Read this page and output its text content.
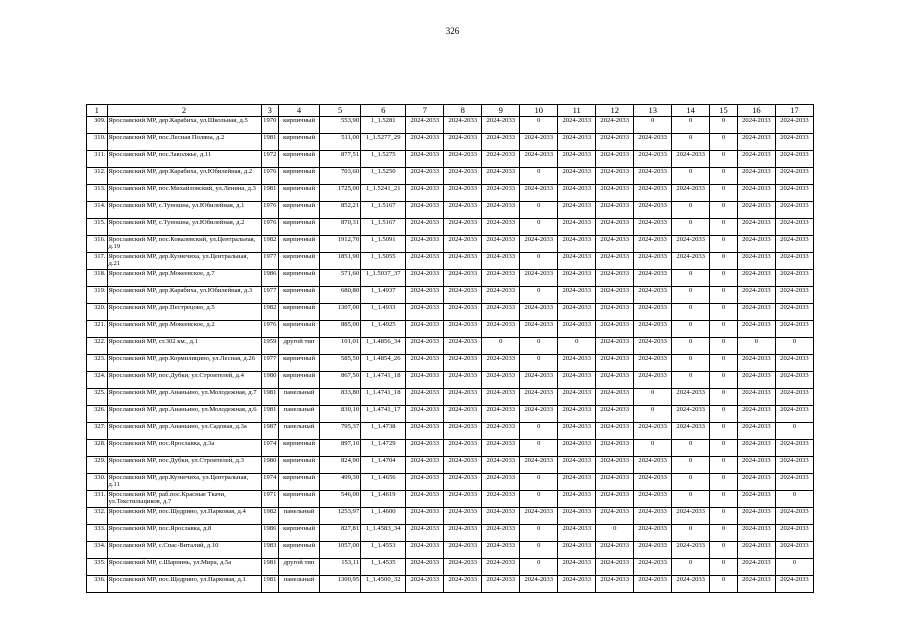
326
1	2	3	4	5	6	7	8	9	10	11	12	13	14	15	16	17
309.	Ярославский МР, дер.Карабиха, ул.Школьная, д.5	1970	кирпичный	553,90	1_1.5281	2024-2033	2024-2033	2024-2033	0	2024-2033	2024-2033	0	0	0	2024-2033	2024-2033
310.	Ярославский МР, пос.Лесная Поляна, д.2	1981	кирпичный	511,00	1_1.5277_29	2024-2033	2024-2033	2024-2033	2024-2033	2024-2033	2024-2033	2024-2033	0	0	2024-2033	2024-2033
311.	Ярославский МР, пос.Заволжье, д.11	1972	кирпичный	877,51	1_1.5275	2024-2033	2024-2033	2024-2033	2024-2033	2024-2033	2024-2033	2024-2033	2024-2033	0	2024-2033	2024-2033
312.	Ярославский МР, дер.Карабиха, ул.Юбилейная, д.2	1976	кирпичный	703,60	1_1.5250	2024-2033	2024-2033	2024-2033	0	2024-2033	2024-2033	2024-2033	0	0	2024-2033	2024-2033
313.	Ярославский МР, пос.Михайловский, ул.Ленина, д.3	1981	кирпичный	1725,00	1_1.5241_21	2024-2033	2024-2033	2024-2033	2024-2033	2024-2033	2024-2033	2024-2033	2024-2033	0	2024-2033	2024-2033
314.	Ярославский МР, с.Туношна, ул.Юбилейная, д.1	1976	кирпичный	852,21	1_1.5167	2024-2033	2024-2033	2024-2033	0	2024-2033	2024-2033	2024-2033	0	0	2024-2033	2024-2033
315.	Ярославский МР, с.Туношна, ул.Юбилейная, д.2	1976	кирпичный	870,31	1_1.5167	2024-2033	2024-2033	2024-2033	0	2024-2033	2024-2033	2024-2033	0	0	2024-2033	2024-2033
316.	Ярославский МР, пос.Ковалевский, ул.Центральная, д.19	1982	кирпичный	1912,70	1_1.5091	2024-2033	2024-2033	2024-2033	2024-2033	2024-2033	2024-2033	2024-2033	2024-2033	0	2024-2033	2024-2033
317.	Ярославский МР, дер.Кузнечиха, ул.Центральная, д.21	1977	кирпичный	1851,90	1_1.5055	2024-2033	2024-2033	2024-2033	0	2024-2033	2024-2033	2024-2033	2024-2033	0	2024-2033	2024-2033
318.	Ярославский МР, дер.Мокеевское, д.7	1986	кирпичный	571,60	1_1.5037_37	2024-2033	2024-2033	2024-2033	2024-2033	2024-2033	2024-2033	2024-2033	0	0	2024-2033	2024-2033
319.	Ярославский МР, дер.Карабиха, ул.Юбилейная, д.3	1977	кирпичный	680,80	1_1.4937	2024-2033	2024-2033	2024-2033	0	2024-2033	2024-2033	2024-2033	0	0	2024-2033	2024-2033
320.	Ярославский МР, дер.Пестрецово, д.5	1982	кирпичный	1307,00	1_1.4933	2024-2033	2024-2033	2024-2033	2024-2033	2024-2033	2024-2033	2024-2033	0	0	2024-2033	2024-2033
321.	Ярославский МР, дер.Мокеевское, д.2	1976	кирпичный	885,00	1_1.4925	2024-2033	2024-2033	2024-2033	2024-2033	2024-2033	2024-2033	2024-2033	0	0	2024-2033	2024-2033
322.	Ярославский МР, ст.302 км., д.1	1959	другой тип	101,01	1_1.4856_34	2024-2033	2024-2033	0	0	0	2024-2033	2024-2033	0	0	0	0
323.	Ярославский МР, дер.Кормилицино, ул.Лесная, д.26	1977	кирпичный	585,50	1_1.4854_26	2024-2033	2024-2033	2024-2033	0	2024-2033	2024-2033	2024-2033	0	0	2024-2033	2024-2033
324.	Ярославский МР, пос.Дубки, ул.Строителей, д.4	1980	кирпичный	867,50	1_1.4741_18	2024-2033	2024-2033	2024-2033	2024-2033	2024-2033	2024-2033	2024-2033	0	0	2024-2033	2024-2033
325.	Ярославский МР, дер.Ананьино, ул.Молодежная, д.7	1981	панельный	833,80	1_1.4741_18	2024-2033	2024-2033	2024-2033	2024-2033	2024-2033	2024-2033	0	2024-2033	0	2024-2033	2024-2033
326.	Ярославский МР, дер.Ананьино, ул.Молодежная, д.6	1981	панельный	830,10	1_1.4741_17	2024-2033	2024-2033	2024-2033	2024-2033	2024-2033	2024-2033	0	2024-2033	0	2024-2033	2024-2033
327.	Ярославский МР, дер.Ананьино, ул.Садовая, д.3а	1987	панельный	795,37	1_1.4738	2024-2033	2024-2033	2024-2033	0	2024-2033	2024-2033	2024-2033	2024-2033	0	2024-2033	0
328.	Ярославский МР, пос.Ярославка, д.3а	1974	кирпичный	897,10	1_1.4729	2024-2033	2024-2033	2024-2033	0	2024-2033	2024-2033	0	0	0	2024-2033	2024-2033
329.	Ярославский МР, пос.Дубки, ул.Строителей, д.3	1980	кирпичный	824,90	1_1.4704	2024-2033	2024-2033	2024-2033	2024-2033	2024-2033	2024-2033	2024-2033	0	0	2024-2033	2024-2033
330.	Ярославский МР, дер.Кузнечиха, ул.Центральная, д.11	1974	кирпичный	499,30	1_1.4656	2024-2033	2024-2033	2024-2033	0	2024-2033	2024-2033	2024-2033	0	0	2024-2033	2024-2033
331.	Ярославский МР, раб.пос.Красные Ткачи, ул.Текстильщиков, д.7	1971	кирпичный	546,00	1_1.4619	2024-2033	2024-2033	2024-2033	0	2024-2033	2024-2033	2024-2033	0	0	2024-2033	0
332.	Ярославский МР, пос.Щедрино, ул.Парковая, д.4	1982	панельный	1253,97	1_1.4600	2024-2033	2024-2033	2024-2033	2024-2033	2024-2033	2024-2033	2024-2033	2024-2033	0	2024-2033	2024-2033
333.	Ярославский МР, пос.Ярославка, д.8	1986	кирпичный	827,81	1_1.4583_34	2024-2033	2024-2033	2024-2033	0	2024-2033	0	2024-2033	0	0	2024-2033	2024-2033
334.	Ярославский МР, с.Спас-Виталий, д.10	1983	кирпичный	1057,00	1_1.4553	2024-2033	2024-2033	2024-2033	0	2024-2033	2024-2033	2024-2033	2024-2033	0	2024-2033	2024-2033
335.	Ярославский МР, с.Шарнинь, ул.Мира, д.5а	1981	другой тип	153,11	1_1.4535	2024-2033	2024-2033	2024-2033	0	2024-2033	2024-2033	2024-2033	0	0	2024-2033	0
336.	Ярославский МР, пос.Щедрино, ул.Парковая, д.1	1981	панельный	1300,95	1_1.4500_32	2024-2033	2024-2033	2024-2033	2024-2033	2024-2033	2024-2033	2024-2033	2024-2033	0	2024-2033	2024-2033
